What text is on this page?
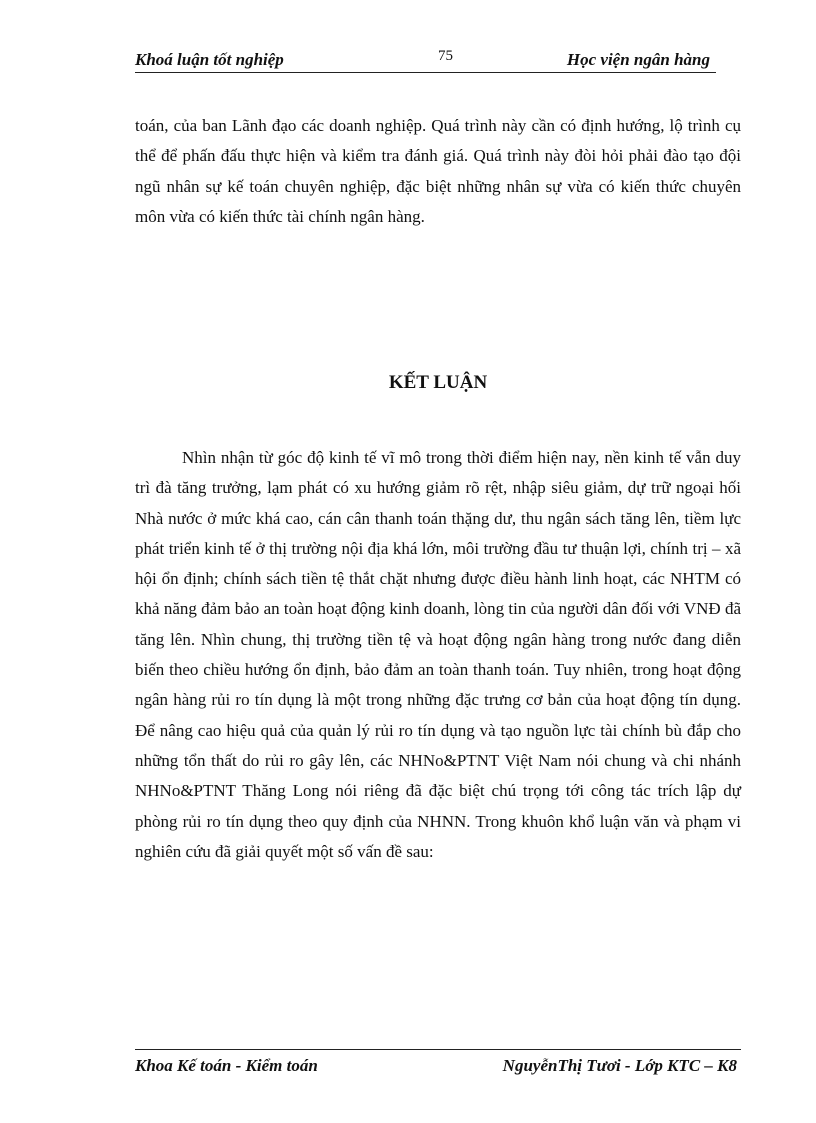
Khoá luận tốt nghiệp	75	Học viện ngân hàng

toán, của ban Lãnh đạo các doanh nghiệp. Quá trình này cần có định hướng, lộ trình cụ thể để phấn đấu thực hiện và kiểm tra đánh giá. Quá trình này đòi hỏi phải đào tạo đội ngũ nhân sự kế toán chuyên nghiệp, đặc biệt những nhân sự vừa có kiến thức chuyên môn vừa có kiến thức tài chính ngân hàng.

KẾT LUẬN

Nhìn nhận từ góc độ kinh tế vĩ mô trong thời điểm hiện nay, nền kinh tế vẫn duy trì đà tăng trưởng, lạm phát có xu hướng giảm rõ rệt, nhập siêu giảm, dự trữ ngoại hối Nhà nước ở mức khá cao, cán cân thanh toán thặng dư, thu ngân sách tăng lên, tiềm lực phát triển kinh tế ở thị trường nội địa khá lớn, môi trường đầu tư thuận lợi, chính trị – xã hội ổn định; chính sách tiền tệ thắt chặt nhưng được điều hành linh hoạt, các NHTM có khả năng đảm bảo an toàn hoạt động kinh doanh, lòng tin của người dân đối với VNĐ đã tăng lên. Nhìn chung, thị trường tiền tệ và hoạt động ngân hàng trong nước đang diễn biến theo chiều hướng ổn định, bảo đảm an toàn thanh toán. Tuy nhiên, trong hoạt động ngân hàng rủi ro tín dụng là một trong những đặc trưng cơ bản của hoạt động tín dụng. Để nâng cao hiệu quả của quản lý rủi ro tín dụng và tạo nguồn lực tài chính bù đắp cho những tổn thất do rủi ro gây lên, các NHNo&PTNT Việt Nam nói chung và chi nhánh NHNo&PTNT Thăng Long nói riêng đã đặc biệt chú trọng tới công tác trích lập dự phòng rủi ro tín dụng theo quy định của NHNN. Trong khuôn khổ luận văn và phạm vi nghiên cứu đã giải quyết một số vấn đề sau:

Khoa Kế toán - Kiểm toán	NguyễnThị Tươi - Lớp KTC – K8
